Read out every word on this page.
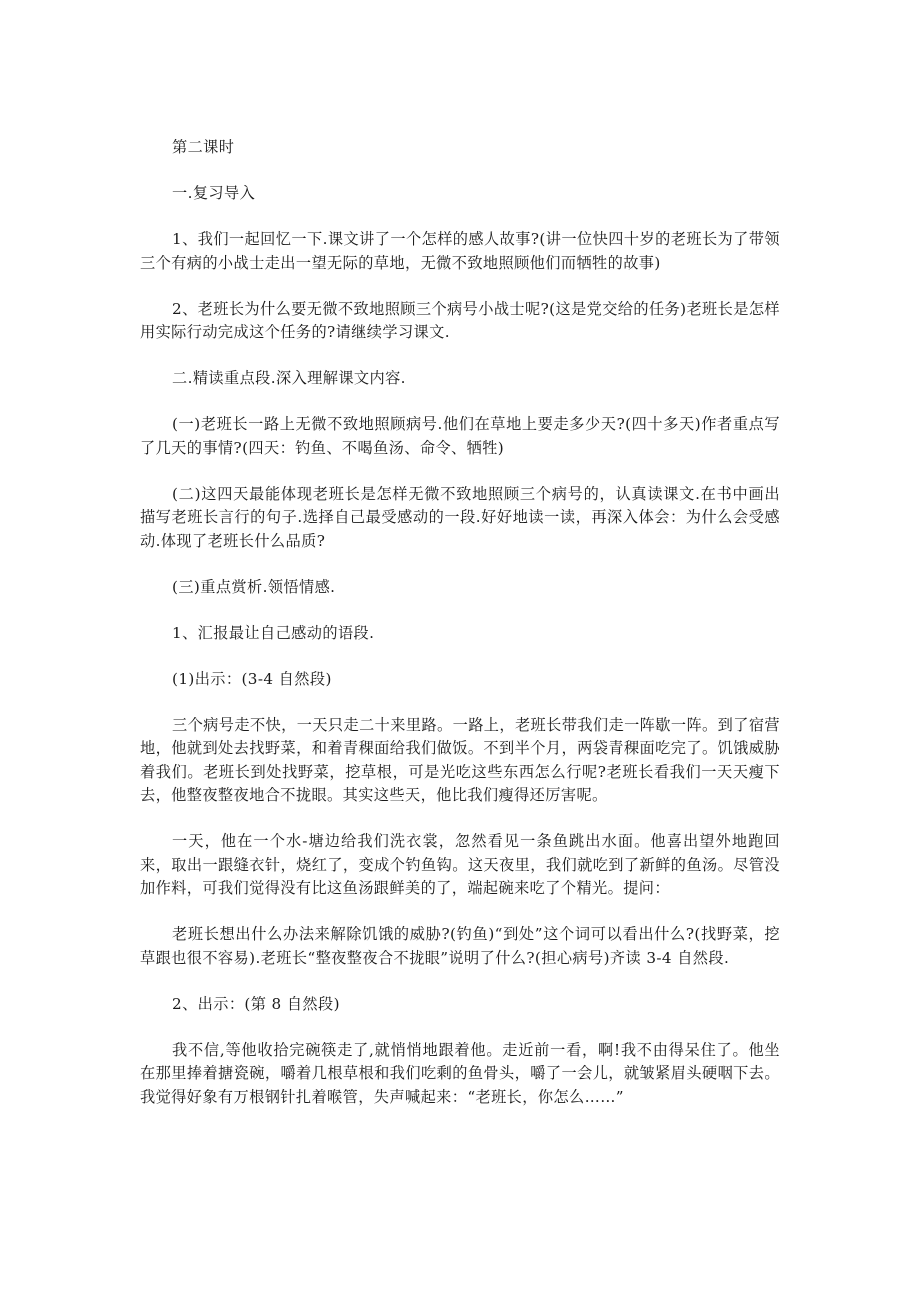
第二课时

一.复习导入

1、我们一起回忆一下.课文讲了一个怎样的感人故事?(讲一位快四十岁的老班长为了带领三个有病的小战士走出一望无际的草地，无微不致地照顾他们而牺牲的故事)

2、老班长为什么要无微不致地照顾三个病号小战士呢?(这是党交给的任务)老班长是怎样用实际行动完成这个任务的?请继续学习课文.

二.精读重点段.深入理解课文内容.

(一)老班长一路上无微不致地照顾病号.他们在草地上要走多少天?(四十多天)作者重点写了几天的事情?(四天：钓鱼、不喝鱼汤、命令、牺牲)

(二)这四天最能体现老班长是怎样无微不致地照顾三个病号的，认真读课文.在书中画出描写老班长言行的句子.选择自己最受感动的一段.好好地读一读，再深入体会：为什么会受感动.体现了老班长什么品质?

(三)重点赏析.领悟情感.

1、汇报最让自己感动的语段.

(1)出示：(3-4 自然段)

三个病号走不快，一天只走二十来里路。一路上，老班长带我们走一阵歇一阵。到了宿营地，他就到处去找野菜，和着青稞面给我们做饭。不到半个月，两袋青稞面吃完了。饥饿威胁着我们。老班长到处找野菜，挖草根，可是光吃这些东西怎么行呢?老班长看我们一天天瘦下去，他整夜整夜地合不拢眼。其实这些天，他比我们瘦得还厉害呢。

一天，他在一个水-塘边给我们洗衣裳，忽然看见一条鱼跳出水面。他喜出望外地跑回来，取出一跟缝衣针，烧红了，变成个钓鱼钩。这天夜里，我们就吃到了新鲜的鱼汤。尽管没加作料，可我们觉得没有比这鱼汤跟鲜美的了，端起碗来吃了个精光。提问：

老班长想出什么办法来解除饥饿的威胁?(钓鱼)“到处”这个词可以看出什么?(找野菜，挖草跟也很不容易).老班长“整夜整夜合不拢眼”说明了什么?(担心病号)齐读 3-4 自然段.

2、出示：(第 8 自然段)

我不信,等他收拾完碗筷走了,就悄悄地跟着他。走近前一看，啊!我不由得呆住了。他坐在那里捧着搪瓷碗，嚼着几根草根和我们吃剩的鱼骨头，嚼了一会儿，就皱紧眉头硬咽下去。我觉得好象有万根钢针扎着喉管，失声喊起来：“老班长，你怎么……”
